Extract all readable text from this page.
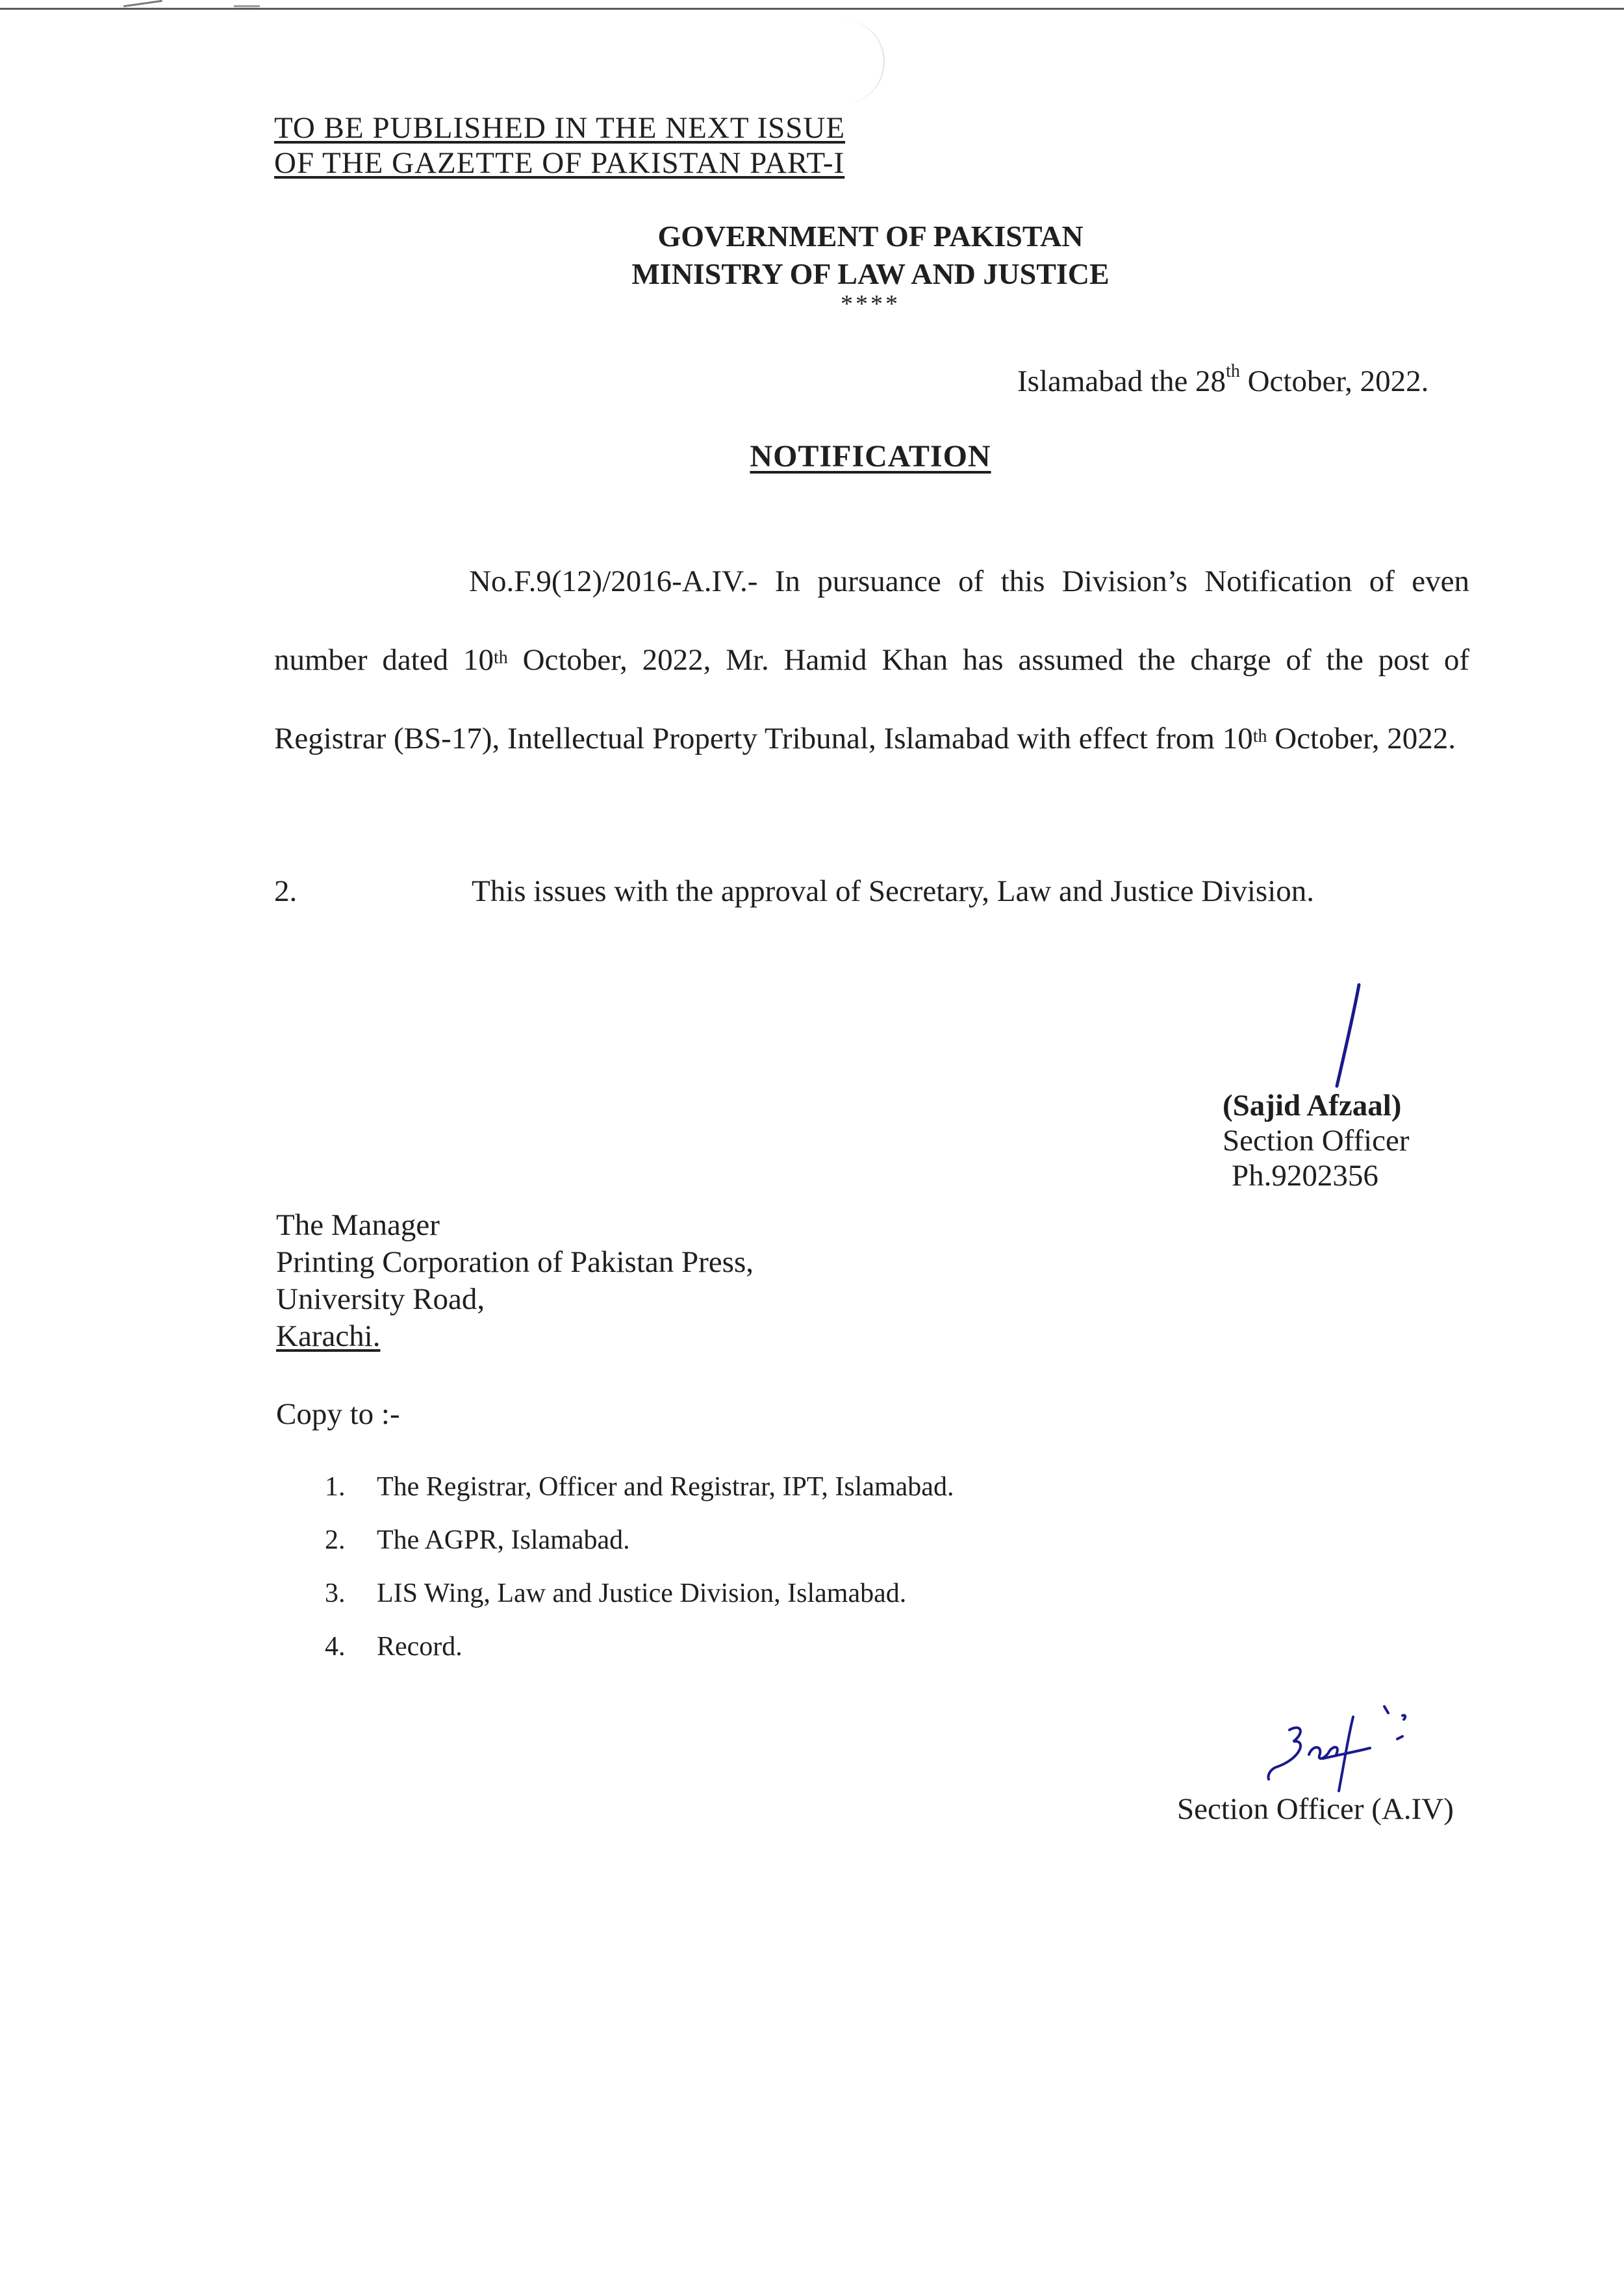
TO BE PUBLISHED IN THE NEXT ISSUE
OF THE GAZETTE OF PAKISTAN PART-I
GOVERNMENT OF PAKISTAN
MINISTRY OF LAW AND JUSTICE
****
Islamabad the 28th October, 2022.
NOTIFICATION
No.F.9(12)/2016-A.IV.- In pursuance of this Division’s Notification of even number dated 10th October, 2022, Mr. Hamid Khan has assumed the charge of the post of Registrar (BS-17), Intellectual Property Tribunal, Islamabad with effect from 10th October, 2022.
2.	This issues with the approval of Secretary, Law and Justice Division.
(Sajid Afzaal)
Section Officer
Ph.9202356
The Manager
Printing Corporation of Pakistan Press,
University Road,
Karachi.
Copy to :-
1.	The Registrar, Officer and Registrar, IPT, Islamabad.
2.	The AGPR, Islamabad.
3.	LIS Wing, Law and Justice Division, Islamabad.
4.	Record.
Section Officer (A.IV)
